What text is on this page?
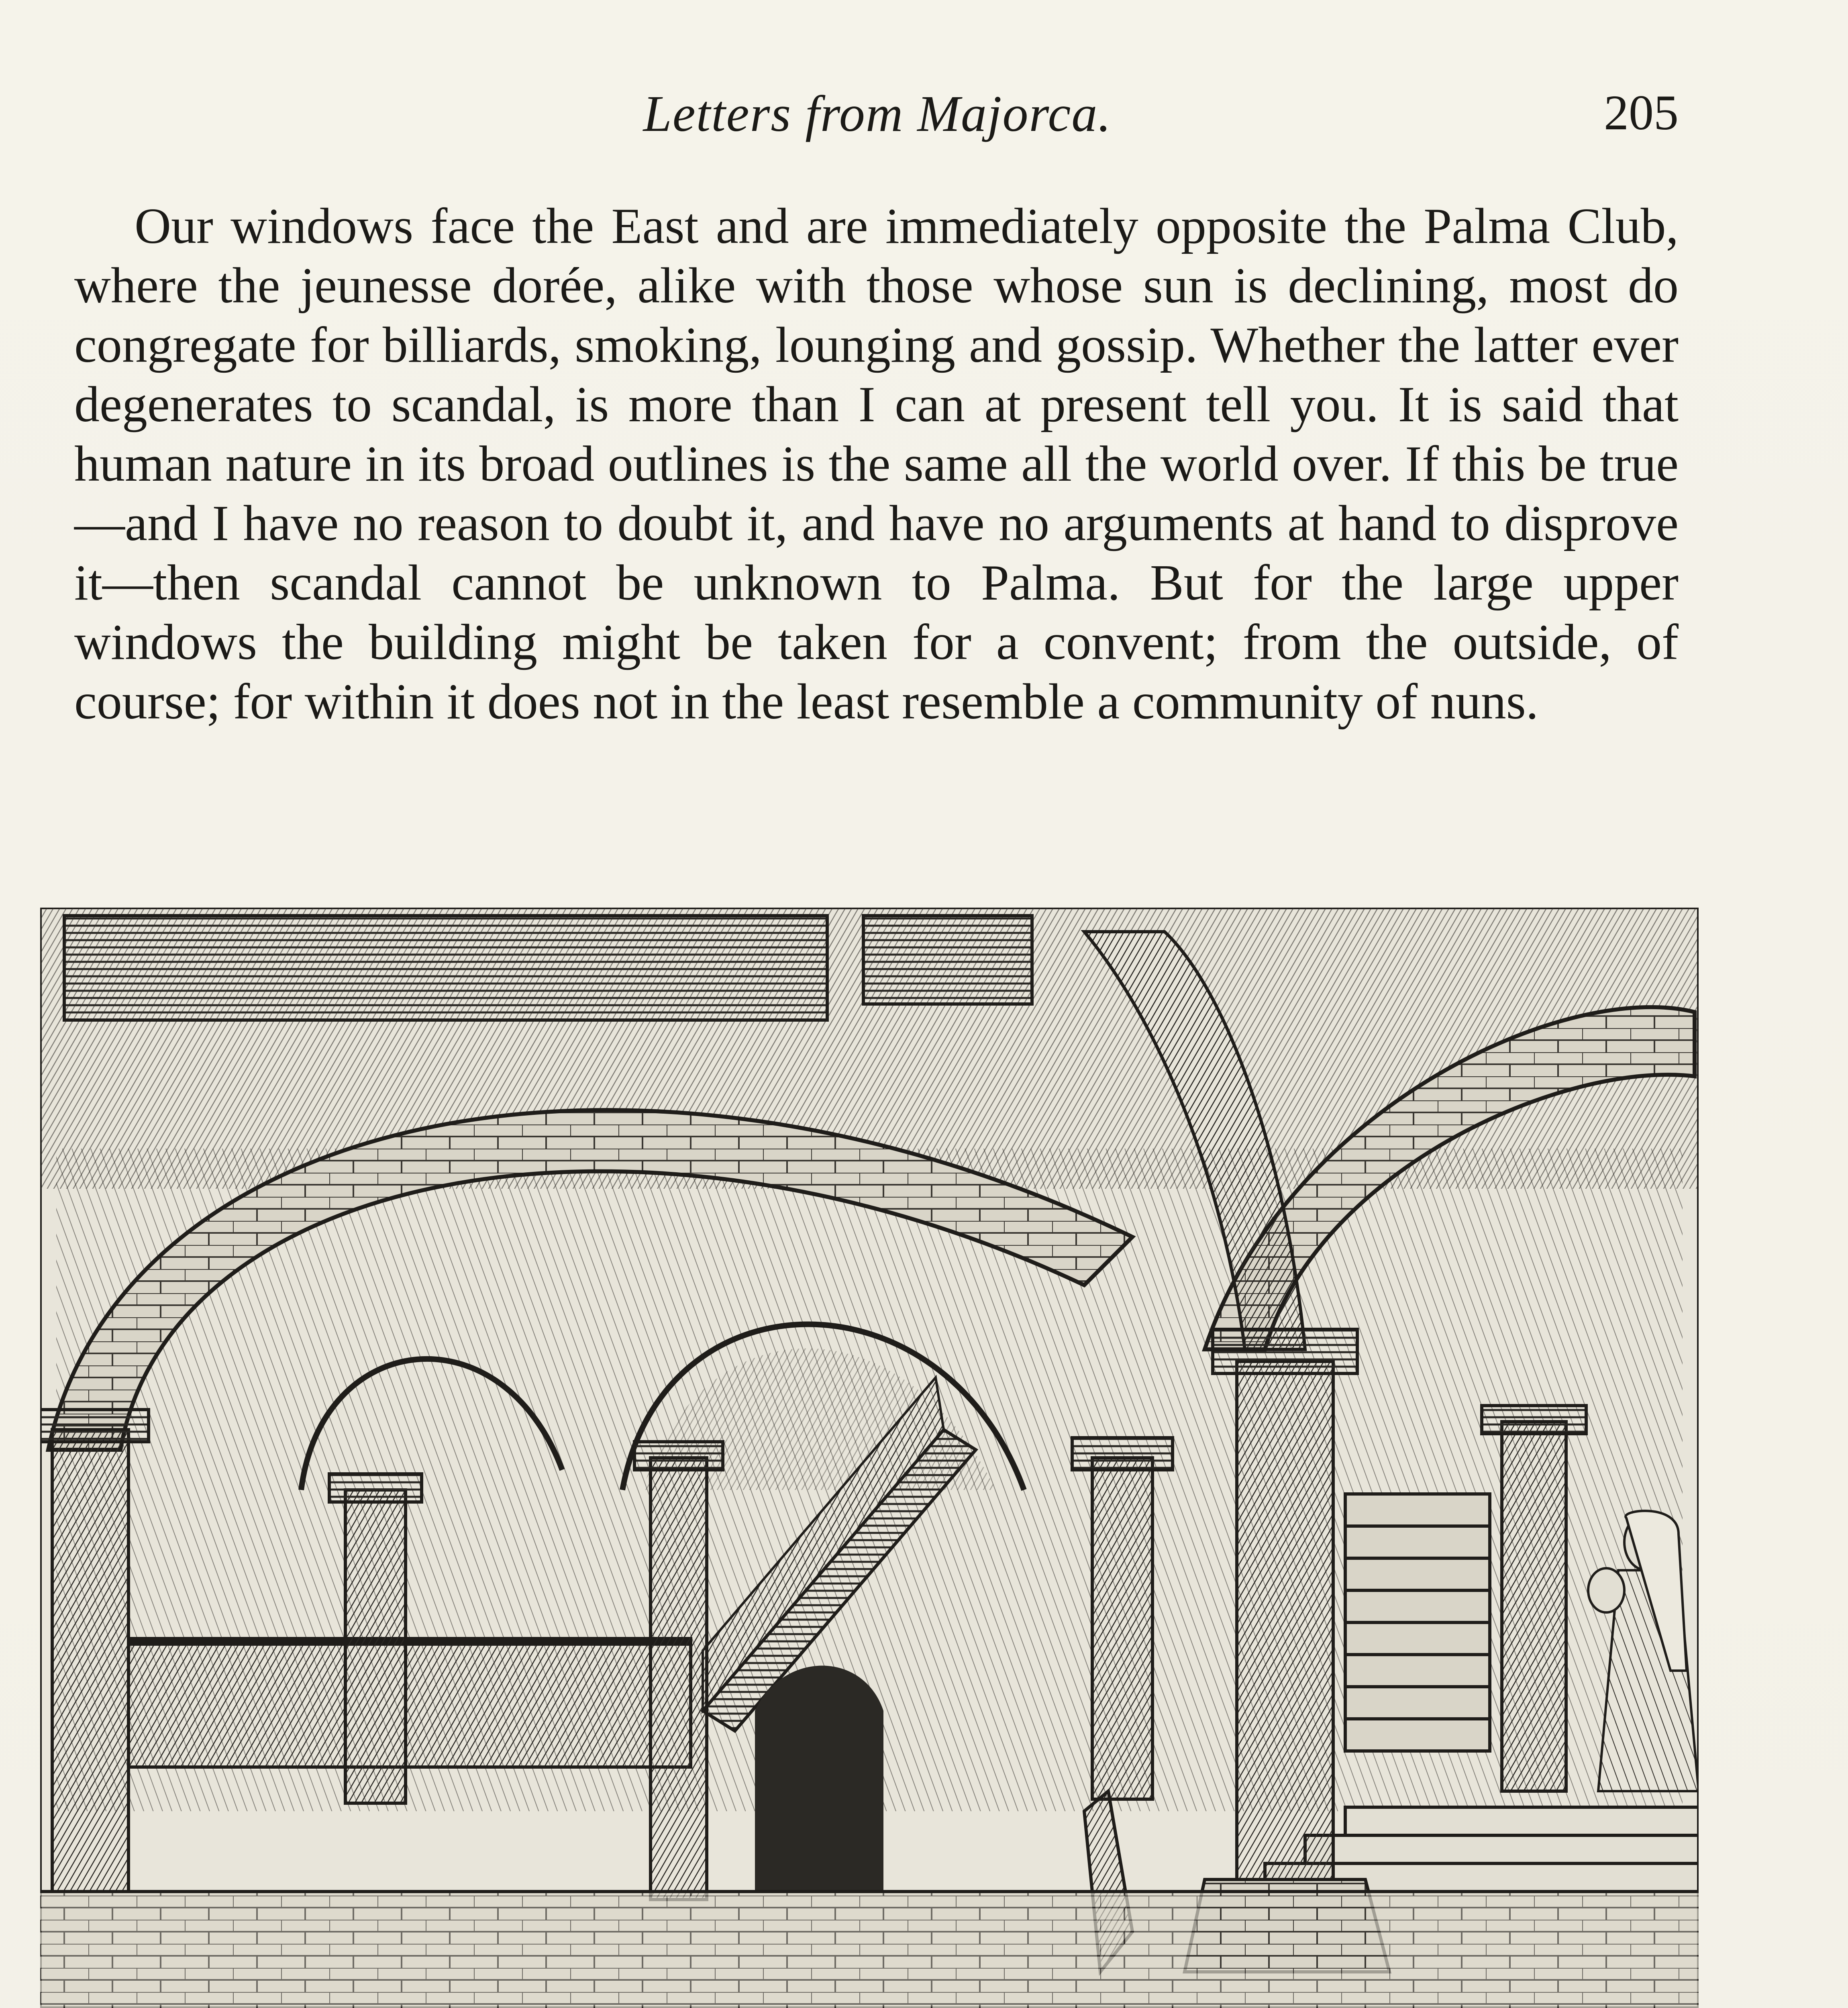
Letters from Majorca.	205

Our windows face the East and are immediately opposite the Palma Club, where the jeunesse dorée, alike with those whose sun is declining, most do congregate for billiards, smoking, lounging and gossip. Whether the latter ever degenerates to scandal, is more than I can at present tell you. It is said that human nature in its broad outlines is the same all the world over. If this be true—and I have no reason to doubt it, and have no arguments at hand to disprove it—then scandal cannot be unknown to Palma. But for the large upper windows the building might be taken for a convent; from the outside, of course; for within it does not in the least resemble a community of nuns.
